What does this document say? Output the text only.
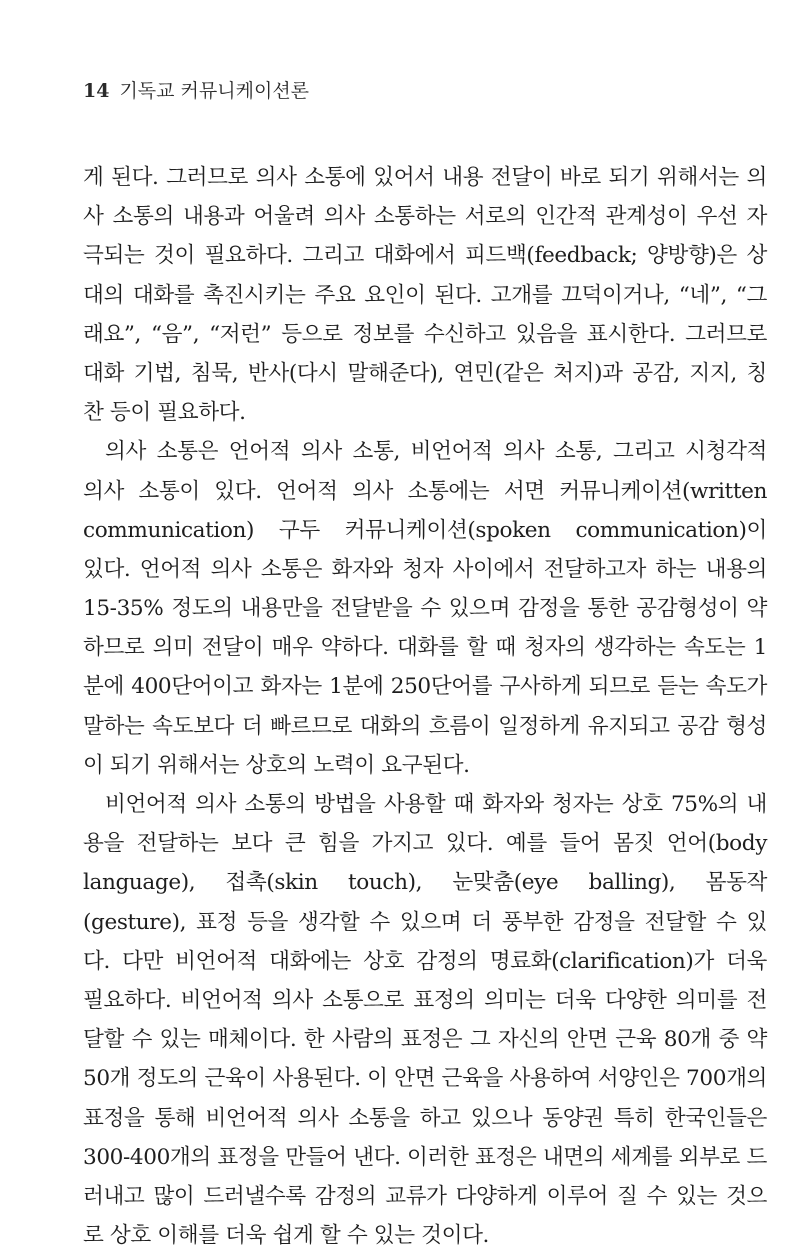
14 기독교 커뮤니케이션론
게 된다. 그러므로 의사 소통에 있어서 내용 전달이 바로 되기 위해서는 의
사 소통의 내용과 어울려 의사 소통하는 서로의 인간적 관계성이 우선 자
극되는 것이 필요하다. 그리고 대화에서 피드백(feedback; 양방향)은 상
대의 대화를 촉진시키는 주요 요인이 된다. 고개를 끄덕이거나, “네”, “그
래요”, “음”, “저런” 등으로 정보를 수신하고 있음을 표시한다. 그러므로
대화 기법, 침묵, 반사(다시 말해준다), 연민(같은 처지)과 공감, 지지, 칭
찬 등이 필요하다.
의사 소통은 언어적 의사 소통, 비언어적 의사 소통, 그리고 시청각적
의사 소통이 있다. 언어적 의사 소통에는 서면 커뮤니케이션(written
communication) 구두 커뮤니케이션(spoken communication)이
있다. 언어적 의사 소통은 화자와 청자 사이에서 전달하고자 하는 내용의
15-35% 정도의 내용만을 전달받을 수 있으며 감정을 통한 공감형성이 약
하므로 의미 전달이 매우 약하다. 대화를 할 때 청자의 생각하는 속도는 1
분에 400단어이고 화자는 1분에 250단어를 구사하게 되므로 듣는 속도가
말하는 속도보다 더 빠르므로 대화의 흐름이 일정하게 유지되고 공감 형성
이 되기 위해서는 상호의 노력이 요구된다.
비언어적 의사 소통의 방법을 사용할 때 화자와 청자는 상호 75%의 내
용을 전달하는 보다 큰 힘을 가지고 있다. 예를 들어 몸짓 언어(body
language), 접촉(skin touch), 눈맞춤(eye balling), 몸동작
(gesture), 표정 등을 생각할 수 있으며 더 풍부한 감정을 전달할 수 있
다. 다만 비언어적 대화에는 상호 감정의 명료화(clarification)가 더욱
필요하다. 비언어적 의사 소통으로 표정의 의미는 더욱 다양한 의미를 전
달할 수 있는 매체이다. 한 사람의 표정은 그 자신의 안면 근육 80개 중 약
50개 정도의 근육이 사용된다. 이 안면 근육을 사용하여 서양인은 700개의
표정을 통해 비언어적 의사 소통을 하고 있으나 동양권 특히 한국인들은
300-400개의 표정을 만들어 낸다. 이러한 표정은 내면의 세계를 외부로 드
러내고 많이 드러낼수록 감정의 교류가 다양하게 이루어 질 수 있는 것으
로 상호 이해를 더욱 쉽게 할 수 있는 것이다.
